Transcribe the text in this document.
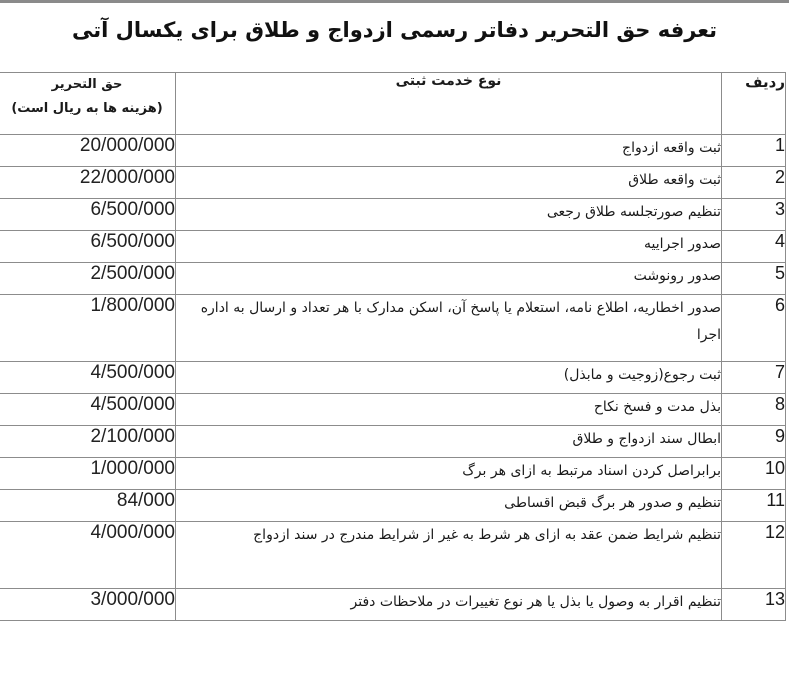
تعرفه حق التحریر دفاتر رسمی ازدواج و طلاق برای یکسال آتی
ردیف	نوع خدمت ثبتی	حق التحریر
(هزینه ها به ریال است)

1	ثبت واقعه ازدواج	20/000/000
2	ثبت واقعه طلاق	22/000/000
3	تنظیم صورتجلسه طلاق رجعی	6/500/000
4	صدور اجراییه	6/500/000
5	صدور رونوشت	2/500/000
6	صدور اخطاریه، اطلاع نامه، استعلام یا پاسخ آن، اسکن مدارک با هر تعداد و ارسال به اداره اجرا	1/800/000
7	ثبت رجوع(زوجیت و مابذل)	4/500/000
8	بذل مدت و فسخ نکاح	4/500/000
9	ابطال سند ازدواج و طلاق	2/100/000
10	برابراصل کردن اسناد مرتبط به ازای هر برگ	1/000/000
11	تنظیم و صدور هر برگ قبض اقساطی	84/000
12	تنظیم شرایط ضمن عقد به ازای هر شرط به غیر از شرایط مندرج در سند ازدواج	4/000/000
13	تنظیم اقرار به وصول یا بذل یا هر نوع تغییرات در ملاحظات دفتر	3/000/000
